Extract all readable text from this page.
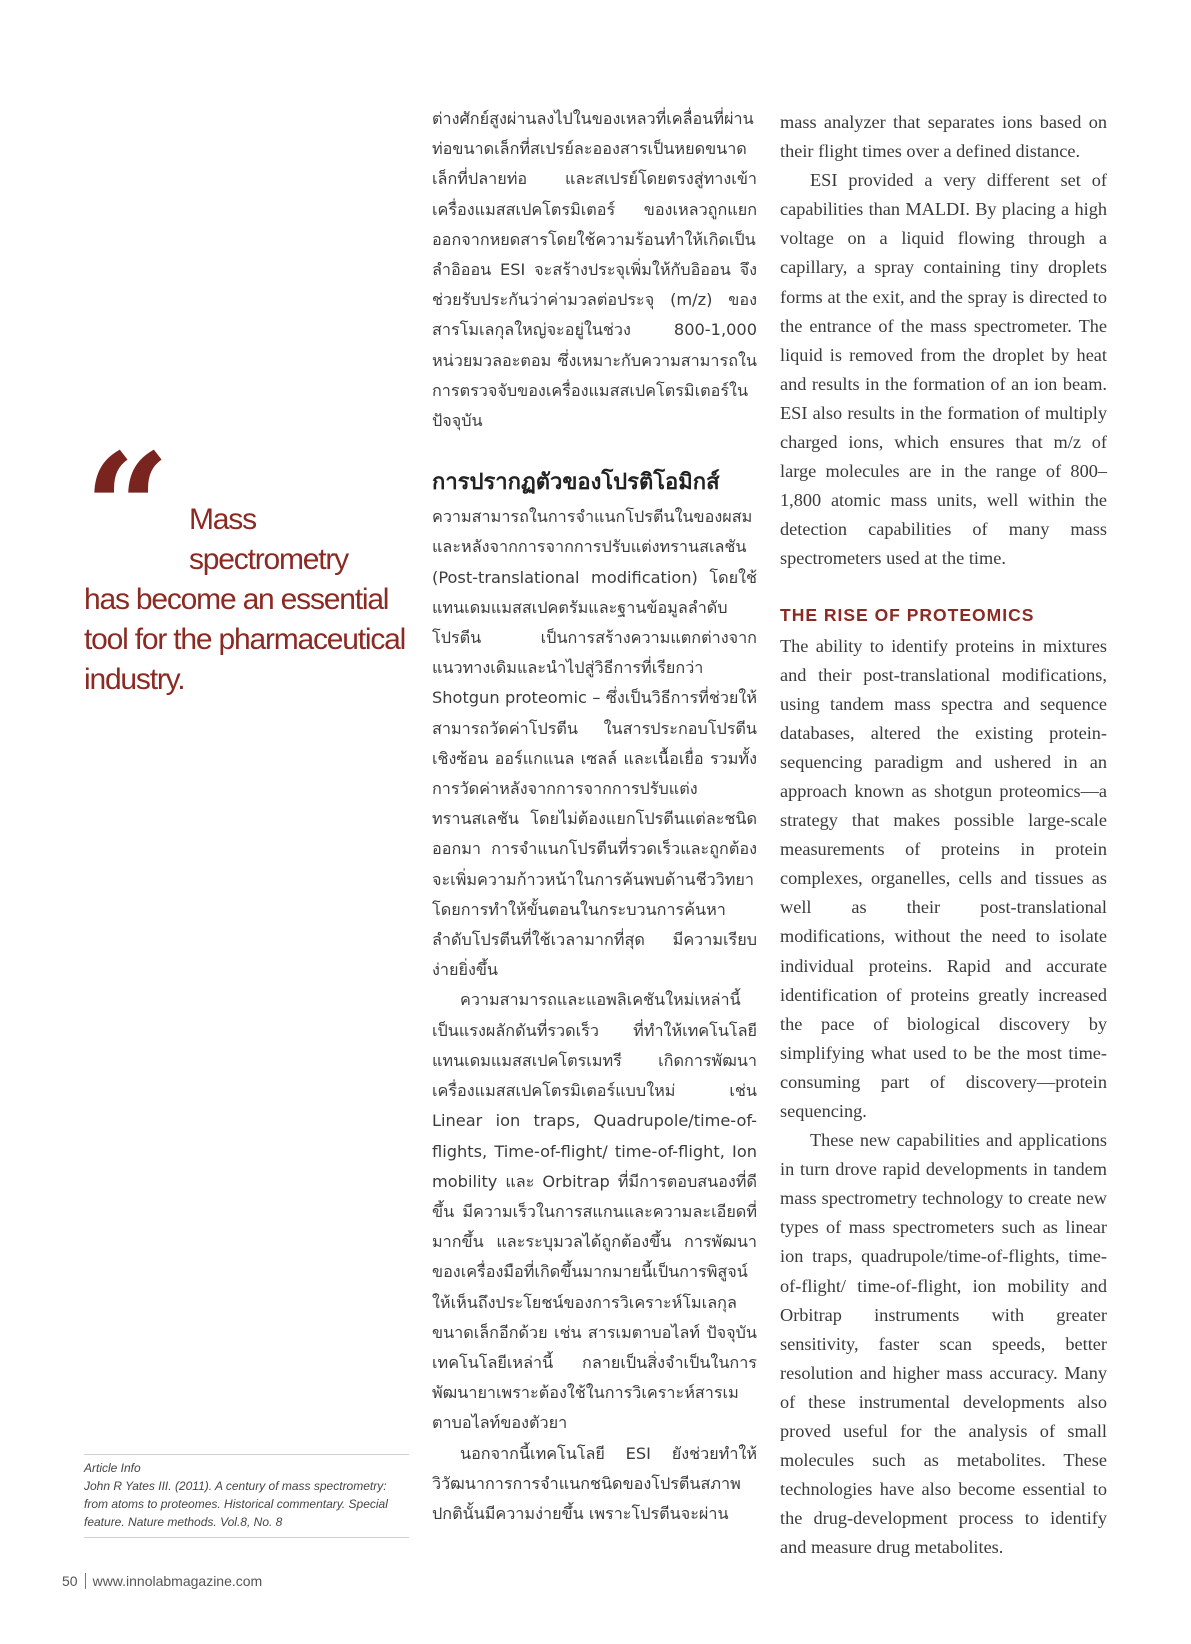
“	Mass spectrometry
has become an essential tool for the pharmaceutical industry.
Article Info
John R Yates III. (2011). A century of mass spectrometry: from atoms to proteomes. Historical commentary. Special feature. Nature methods. Vol.8, No. 8

ต่างศักย์สูงผ่านลงไปในของเหลวที่เคลื่อนที่ผ่านท่อขนาดเล็กที่สเปรย์ละอองสารเป็นหยดขนาดเล็กที่ปลายท่อ และสเปรย์โดยตรงสู่ทางเข้าเครื่องแมสสเปคโตรมิเตอร์ ของเหลวถูกแยกออกจากหยดสารโดยใช้ความร้อนทำให้เกิดเป็นลำอิออน ESI จะสร้างประจุเพิ่มให้กับอิออน จึงช่วยรับประกันว่าค่ามวลต่อประจุ (m/z) ของสารโมเลกุลใหญ่จะอยู่ในช่วง 800-1,000 หน่วยมวลอะตอม ซึ่งเหมาะกับความสามารถในการตรวจจับของเครื่องแมสสเปคโตรมิเตอร์ในปัจจุบัน

การปรากฏตัวของโปรติโอมิกส์

ความสามารถในการจำแนกโปรตีนในของผสมและหลังจากการจากการปรับแต่งทรานสเลชัน (Post-translational modification) โดยใช้แทนเดมแมสสเปคตรัมและฐานข้อมูลลำดับโปรตีน เป็นการสร้างความแตกต่างจากแนวทางเดิมและนำไปสู่วิธีการที่เรียกว่า Shotgun proteomic – ซึ่งเป็นวิธีการที่ช่วยให้สามารถวัดค่าโปรตีน ในสารประกอบโปรตีนเชิงซ้อน ออร์แกแนล เซลล์ และเนื้อเยื่อ รวมทั้งการวัดค่าหลังจากการจากการปรับแต่งทรานสเลชัน โดยไม่ต้องแยกโปรตีนแต่ละชนิดออกมา การจำแนกโปรตีนที่รวดเร็วและถูกต้องจะเพิ่มความก้าวหน้าในการค้นพบด้านชีววิทยา โดยการทำให้ขั้นตอนในกระบวนการค้นหาลำดับโปรตีนที่ใช้เวลามากที่สุด มีความเรียบง่ายยิ่งขึ้น

ความสามารถและแอพลิเคชันใหม่เหล่านี้เป็นแรงผลักดันที่รวดเร็ว ที่ทำให้เทคโนโลยีแทนเดมแมสสเปคโตรเมทรี เกิดการพัฒนาเครื่องแมสสเปคโตรมิเตอร์แบบใหม่ เช่น Linear ion traps, Quadrupole/time-of-flights, Time-of-flight/ time-of-flight, Ion mobility และ Orbitrap ที่มีการตอบสนองที่ดีขึ้น มีความเร็วในการสแกนและความละเอียดที่มากขึ้น และระบุมวลได้ถูกต้องขึ้น การพัฒนาของเครื่องมือที่เกิดขึ้นมากมายนี้เป็นการพิสูจน์ให้เห็นถึงประโยชน์ของการวิเคราะห์โมเลกุลขนาดเล็กอีกด้วย เช่น สารเมตาบอไลท์ ปัจจุบันเทคโนโลยีเหล่านี้ กลายเป็นสิ่งจำเป็นในการพัฒนายาเพราะต้องใช้ในการวิเคราะห์สารเมตาบอไลท์ของตัวยา

นอกจากนี้เทคโนโลยี ESI ยังช่วยทำให้วิวัฒนาการการจำแนกชนิดของโปรตีนสภาพปกตินั้นมีความง่ายขึ้น เพราะโปรตีนจะผ่าน

mass analyzer that separates ions based on their flight times over a defined distance.

ESI provided a very different set of capabilities than MALDI. By placing a high voltage on a liquid flowing through a capillary, a spray containing tiny droplets forms at the exit, and the spray is directed to the entrance of the mass spectrometer. The liquid is removed from the droplet by heat and results in the formation of an ion beam. ESI also results in the formation of multiply charged ions, which ensures that m/z of large molecules are in the range of 800–1,800 atomic mass units, well within the detection capabilities of many mass spectrometers used at the time.

THE RISE OF PROTEOMICS

The ability to identify proteins in mixtures and their post-translational modifications, using tandem mass spectra and sequence databases, altered the existing protein-sequencing paradigm and ushered in an approach known as shotgun proteomics—a strategy that makes possible large-scale measurements of proteins in protein complexes, organelles, cells and tissues as well as their post-translational modifications, without the need to isolate individual proteins. Rapid and accurate identification of proteins greatly increased the pace of biological discovery by simplifying what used to be the most time-consuming part of discovery—protein sequencing.

These new capabilities and applications in turn drove rapid developments in tandem mass spectrometry technology to create new types of mass spectrometers such as linear ion traps, quadrupole/time-of-flights, time-of-flight/ time-of-flight, ion mobility and Orbitrap instruments with greater sensitivity, faster scan speeds, better resolution and higher mass accuracy. Many of these instrumental developments also proved useful for the analysis of small molecules such as metabolites. These technologies have also become essential to the drug-development process to identify and measure drug metabolites.

50 www.innolabmagazine.com
